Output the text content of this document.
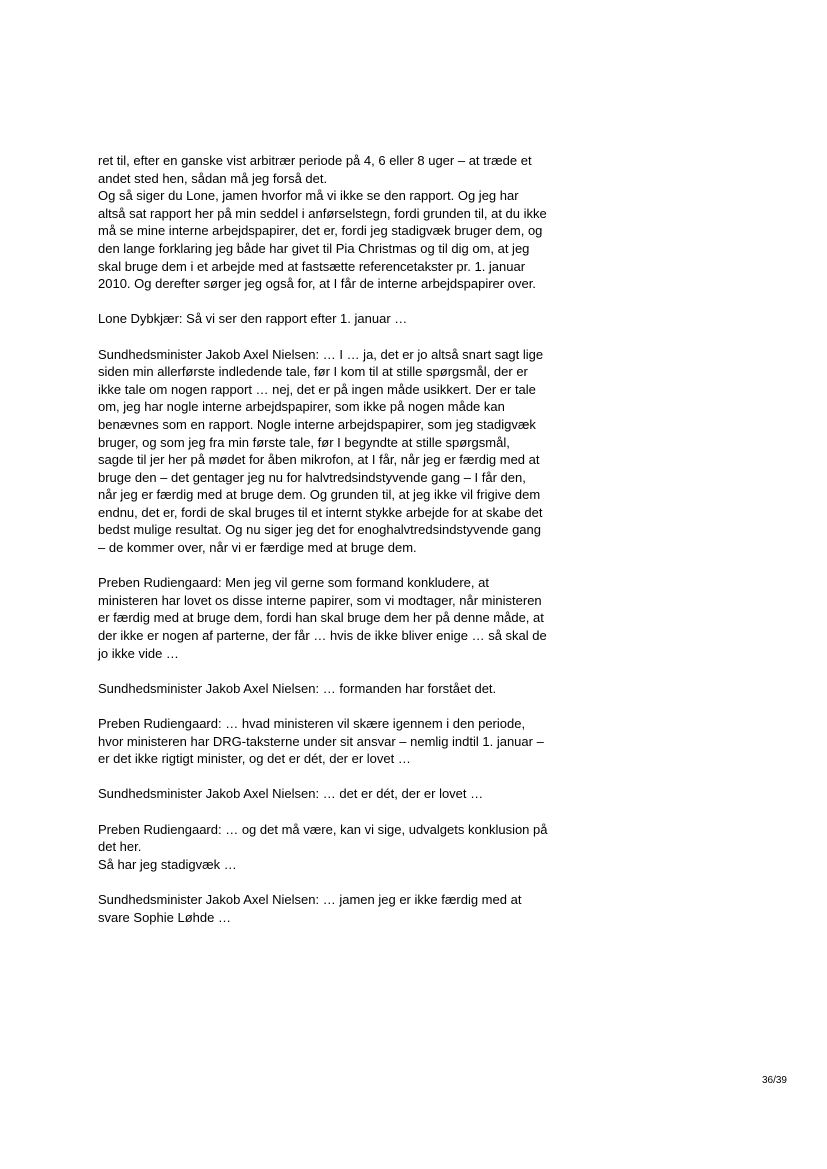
ret til, efter en ganske vist arbitrær periode på 4, 6 eller 8 uger – at træde et
andet sted hen, sådan må jeg forså det.

Og så siger du Lone, jamen hvorfor må vi ikke se den rapport. Og jeg har
altså sat rapport her på min seddel i anførselstegn, fordi grunden til, at du ikke
må se mine interne arbejdspapirer, det er, fordi jeg stadigvæk bruger dem, og
den lange forklaring jeg både har givet til Pia Christmas og til dig om, at jeg
skal bruge dem i et arbejde med at fastsætte referencetakster pr. 1. januar
2010. Og derefter sørger jeg også for, at I får de interne arbejdspapirer over.

Lone Dybkjær: Så vi ser den rapport efter 1. januar …

Sundhedsminister Jakob Axel Nielsen: … I … ja, det er jo altså snart sagt lige
siden min allerførste indledende tale, før I kom til at stille spørgsmål, der er
ikke tale om nogen rapport … nej, det er på ingen måde usikkert. Der er tale
om, jeg har nogle interne arbejdspapirer, som ikke på nogen måde kan
benævnes som en rapport. Nogle interne arbejdspapirer, som jeg stadigvæk
bruger, og som jeg fra min første tale, før I begyndte at stille spørgsmål,
sagde til jer her på mødet for åben mikrofon, at I får, når jeg er færdig med at
bruge den – det gentager jeg nu for halvtredsindstyvende gang – I får den,
når jeg er færdig med at bruge dem. Og grunden til, at jeg ikke vil frigive dem
endnu, det er, fordi de skal bruges til et internt stykke arbejde for at skabe det
bedst mulige resultat. Og nu siger jeg det for enoghalvtredsindstyvende gang
– de kommer over, når vi er færdige med at bruge dem.

Preben Rudiengaard: Men jeg vil gerne som formand konkludere, at
ministeren har lovet os disse interne papirer, som vi modtager, når ministeren
er færdig med at bruge dem, fordi han skal bruge dem her på denne måde, at
der ikke er nogen af parterne, der får … hvis de ikke bliver enige … så skal de
jo ikke vide …

Sundhedsminister Jakob Axel Nielsen: … formanden har forstået det.

Preben Rudiengaard: … hvad ministeren vil skære igennem i den periode,
hvor ministeren har DRG-taksterne under sit ansvar – nemlig indtil 1. januar –
er det ikke rigtigt minister, og det er dét, der er lovet …

Sundhedsminister Jakob Axel Nielsen: … det er dét, der er lovet …

Preben Rudiengaard: … og det må være, kan vi sige, udvalgets konklusion på
det her.

Så har jeg stadigvæk …

Sundhedsminister Jakob Axel Nielsen: … jamen jeg er ikke færdig med at
svare Sophie Løhde …

36/39
